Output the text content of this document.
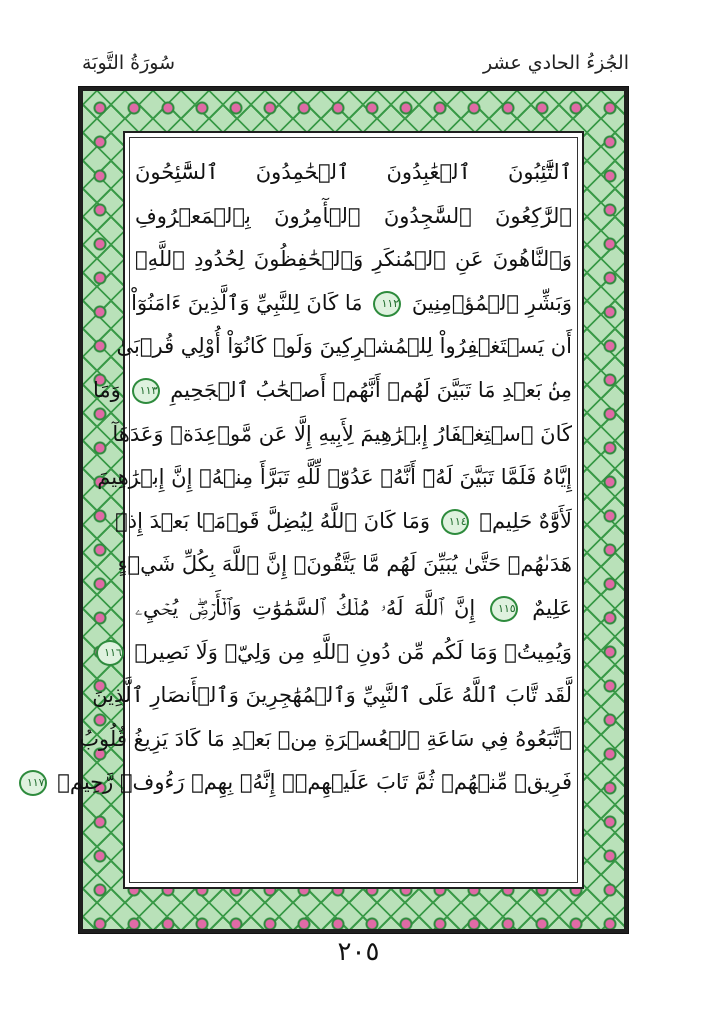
سُورَةُ التَّوبَة	الجُزءُ الحادي عشر
ٱلتَّٰٓئِبُونَ ٱلۡعَٰبِدُونَ ٱلۡحَٰمِدُونَ ٱلسَّٰٓئِحُونَ
ٱلرَّٰكِعُونَ ٱلسَّٰجِدُونَ ٱلۡأٓمِرُونَ بِٱلۡمَعۡرُوفِ
وَٱلنَّاهُونَ عَنِ ٱلۡمُنكَرِ وَٱلۡحَٰفِظُونَ لِحُدُودِ ٱللَّهِۗ
وَبَشِّرِ ٱلۡمُؤۡمِنِينَ ١١٢ مَا كَانَ لِلنَّبِيِّ وَٱلَّذِينَ ءَامَنُوٓاْ
أَن يَسۡتَغۡفِرُواْ لِلۡمُشۡرِكِينَ وَلَوۡ كَانُوٓاْ أُوْلِي قُرۡبَىٰ
مِنۢ بَعۡدِ مَا تَبَيَّنَ لَهُمۡ أَنَّهُمۡ أَصۡحَٰبُ ٱلۡجَحِيمِ ١١٣ وَمَا
كَانَ ٱسۡتِغۡفَارُ إِبۡرَٰهِيمَ لِأَبِيهِ إِلَّا عَن مَّوۡعِدَةٖ وَعَدَهَآ
إِيَّاهُ فَلَمَّا تَبَيَّنَ لَهُۥٓ أَنَّهُۥ عَدُوّٞ لِّلَّهِ تَبَرَّأَ مِنۡهُۚ إِنَّ إِبۡرَٰهِيمَ
لَأَوَّٰهٌ حَلِيمٞ ١١٤ وَمَا كَانَ ٱللَّهُ لِيُضِلَّ قَوۡمَۢا بَعۡدَ إِذۡ
هَدَىٰهُمۡ حَتَّىٰ يُبَيِّنَ لَهُم مَّا يَتَّقُونَۚ إِنَّ ٱللَّهَ بِكُلِّ شَيۡءٍ
عَلِيمٌ ١١٥ إِنَّ ٱللَّهَ لَهُۥ مُلۡكُ ٱلسَّمَٰوَٰتِ وَٱلۡأَرۡضِۖ يُحۡيِۦ
وَيُمِيتُۚ وَمَا لَكُم مِّن دُونِ ٱللَّهِ مِن وَلِيّٖ وَلَا نَصِيرٖ ١١٦
لَّقَد تَّابَ ٱللَّهُ عَلَى ٱلنَّبِيِّ وَٱلۡمُهَٰجِرِينَ وَٱلۡأَنصَارِ ٱلَّذِينَ
ٱتَّبَعُوهُ فِي سَاعَةِ ٱلۡعُسۡرَةِ مِنۢ بَعۡدِ مَا كَادَ يَزِيغُ قُلُوبُ
فَرِيقٖ مِّنۡهُمۡ ثُمَّ تَابَ عَلَيۡهِمۡۚ إِنَّهُۥ بِهِمۡ رَءُوفٞ رَّحِيمٞ ١١٧
٢٠٥
